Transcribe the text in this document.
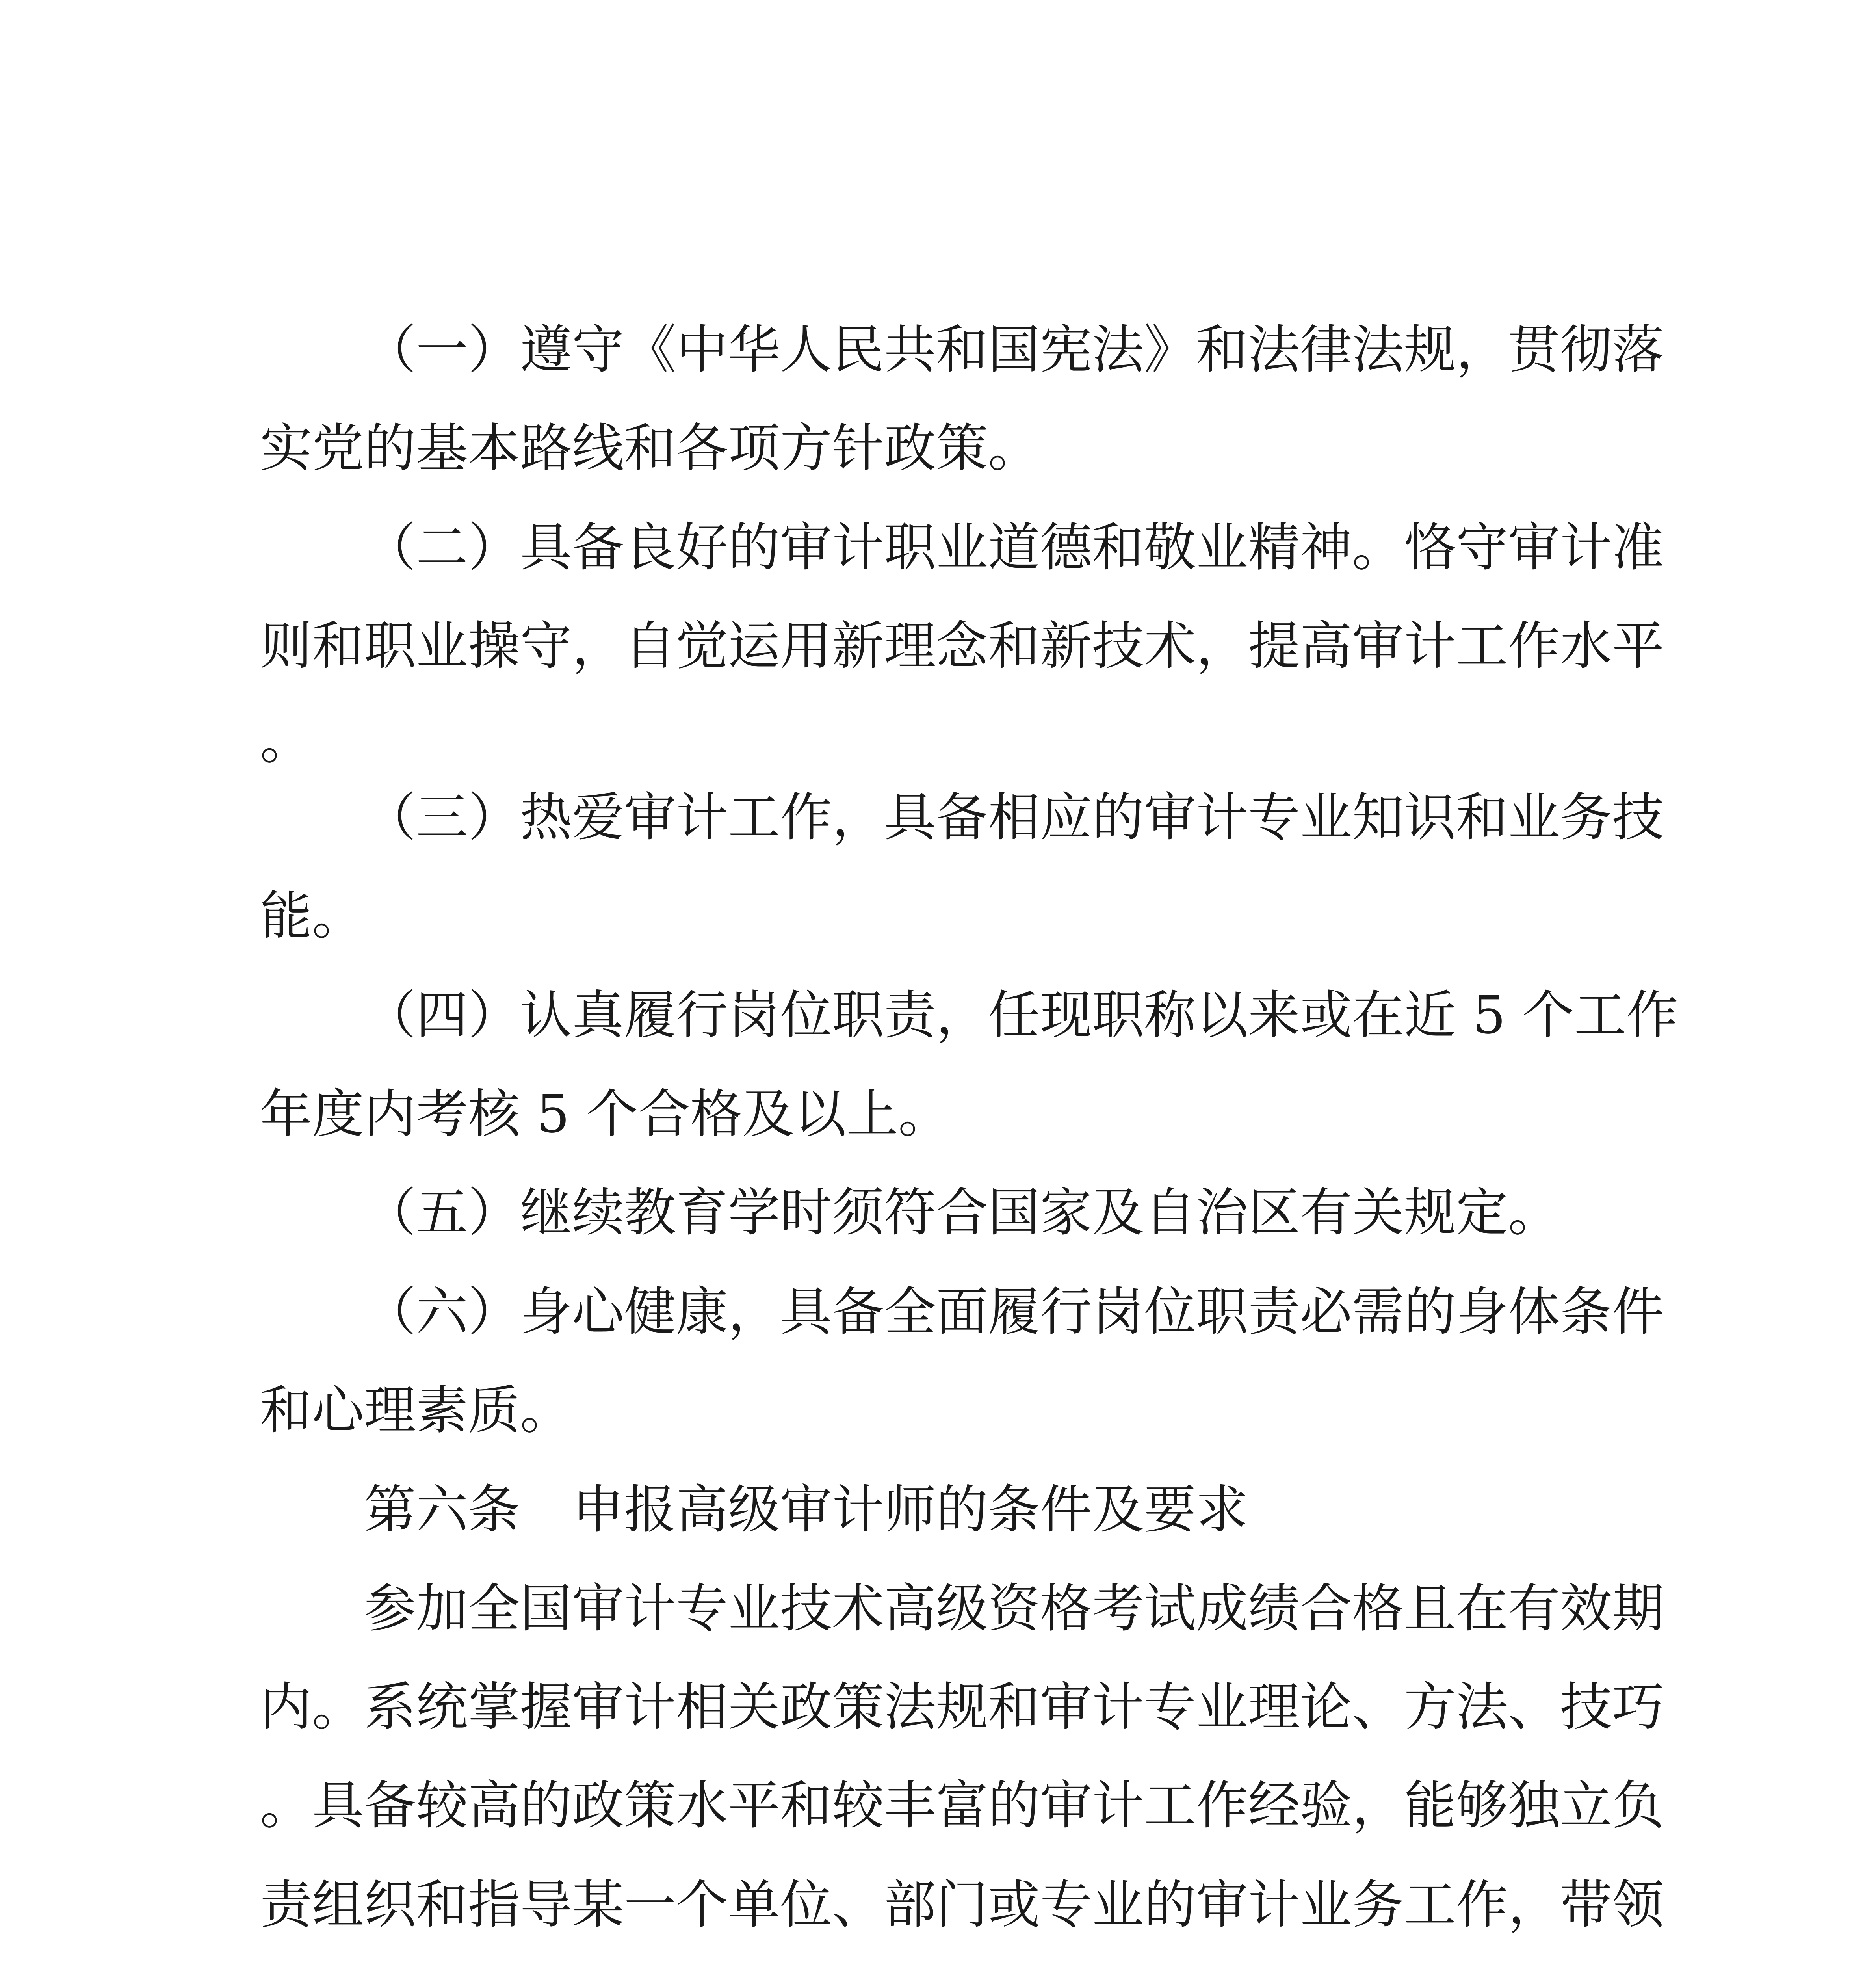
（一）遵守《中华人民共和国宪法》和法律法规，贯彻落
实党的基本路线和各项方针政策。
（二）具备良好的审计职业道德和敬业精神。恪守审计准
则和职业操守，自觉运用新理念和新技术，提高审计工作水平
。
（三）热爱审计工作，具备相应的审计专业知识和业务技
能。
（四）认真履行岗位职责，任现职称以来或在近 5 个工作
年度内考核 5 个合格及以上。
（五）继续教育学时须符合国家及自治区有关规定。
（六）身心健康，具备全面履行岗位职责必需的身体条件
和心理素质。
第六条　申报高级审计师的条件及要求
参加全国审计专业技术高级资格考试成绩合格且在有效期
内。系统掌握审计相关政策法规和审计专业理论、方法、技巧
。具备较高的政策水平和较丰富的审计工作经验，能够独立负
责组织和指导某一个单位、部门或专业的审计业务工作，带领
